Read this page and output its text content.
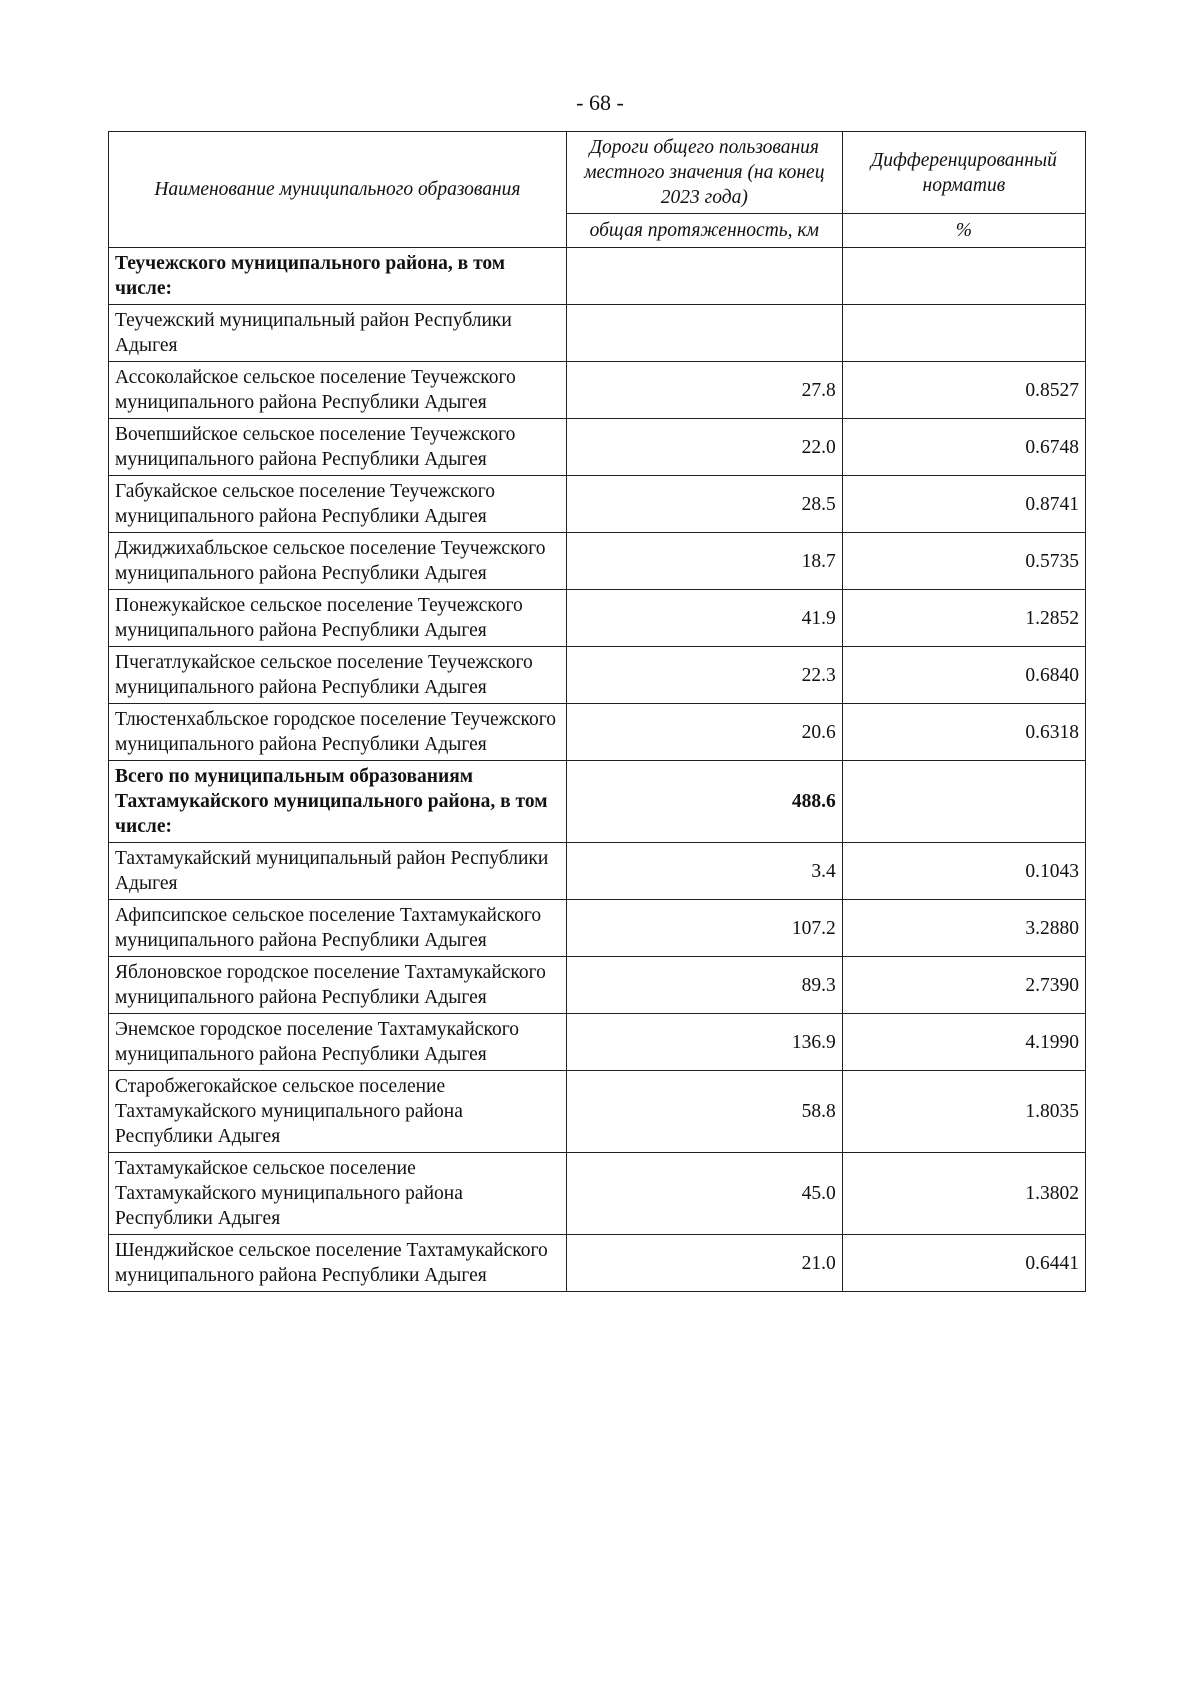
- 68 -
Наименование муниципального образования	Дороги общего пользования местного значения (на конец 2023 года)	Дифференцированный норматив
	общая протяженность, км	%
Теучежского муниципального района, в том числе:		
Теучежский муниципальный район Республики Адыгея		
Ассоколайское сельское поселение Теучежского муниципального района Республики Адыгея	27.8	0.8527
Вочепшийское сельское поселение Теучежского муниципального района Республики Адыгея	22.0	0.6748
Габукайское сельское поселение Теучежского муниципального района Республики Адыгея	28.5	0.8741
Джиджихабльское сельское поселение Теучежского муниципального района Республики Адыгея	18.7	0.5735
Понежукайское сельское поселение Теучежского муниципального района Республики Адыгея	41.9	1.2852
Пчегатлукайское сельское поселение Теучежского муниципального района Республики Адыгея	22.3	0.6840
Тлюстенхабльское городское поселение Теучежского муниципального района Республики Адыгея	20.6	0.6318
Всего по муниципальным образованиям Тахтамукайского муниципального района, в том числе:	488.6	
Тахтамукайский муниципальный район Республики Адыгея	3.4	0.1043
Афипсипское сельское поселение Тахтамукайского муниципального района Республики Адыгея	107.2	3.2880
Яблоновское городское поселение Тахтамукайского муниципального района Республики Адыгея	89.3	2.7390
Энемское городское поселение Тахтамукайского муниципального района Республики Адыгея	136.9	4.1990
Старобжегокайское сельское поселение Тахтамукайского муниципального района Республики Адыгея	58.8	1.8035
Тахтамукайское сельское поселение Тахтамукайского муниципального района Республики Адыгея	45.0	1.3802
Шенджийское сельское поселение Тахтамукайского муниципального района Республики Адыгея	21.0	0.6441
